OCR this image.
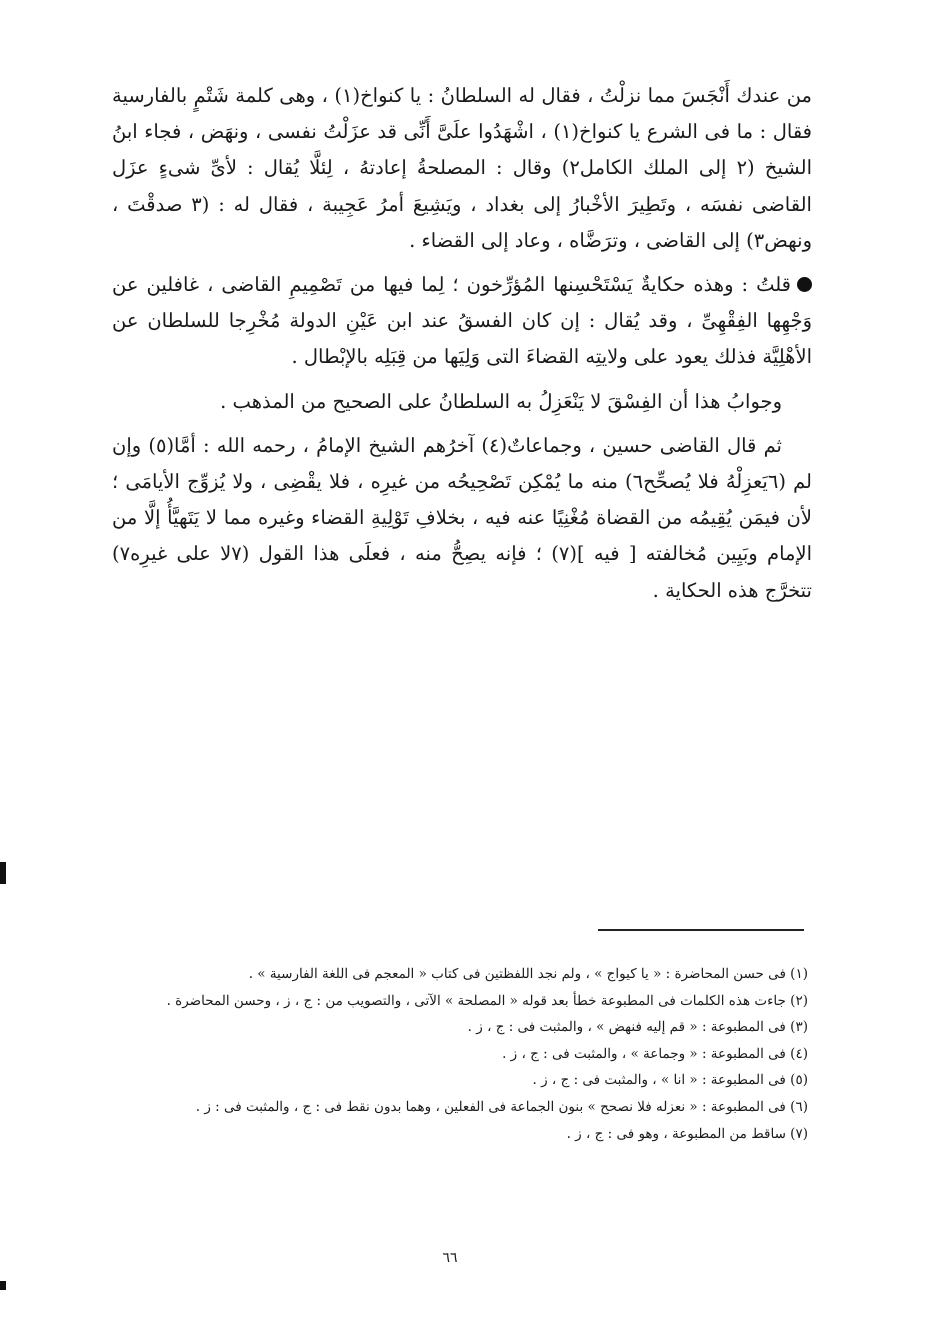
من عندك أَنْجَسَ مما نزلْتُ ، فقال له السلطانُ : يا كنواخ(١) ، وهى كلمة شَتْمٍ بالفارسية فقال : ما فى الشرع يا كنواخ(١) ، اشْهَدُوا علَىَّ أَنِّى قد عزَلْتُ نفسى ، ونهَض ، فجاء ابنُ الشيخ (٢ إلى الملك الكامل٢) وقال : المصلحةُ إعادتهُ ، لِئلَّا يُقال : لأىِّ شىءٍ عزَل القاضى نفسَه ، وتَطِيرَ الأخْبارُ إلى بغداد ، ويَشِيعَ أمرُ عَجِيبة ، فقال له : (٣ صدقْتَ ، ونهض٣) إلى القاضى ، وترَضَّاه ، وعاد إلى القضاء .

قلتُ : وهذه حكايةٌ يَسْتَحْسِنها المُؤرِّخون ؛ لِما فيها من تَصْمِيمِ القاضى ، غافلين عن وَجْهِها الفِقْهِىِّ ، وقد يُقال : إن كان الفسقُ عند ابن عَيْنِ الدولة مُخْرِجا للسلطان عن الأهْلِيَّة فذلك يعود على ولايتِه القضاءَ التى وَلِيَها من قِبَلِه بالإبْطال .

وجوابُ هذا أن الفِسْقَ لا يَنْعَزِلُ به السلطانُ على الصحيح من المذهب .

ثم قال القاضى حسين ، وجماعاتٌ(٤) آخرُهم الشيخ الإمامُ ، رحمه الله : أمَّا(٥) وإن لم (٦يَعزِلْهُ فلا يُصحِّح٦) منه ما يُمْكِن تَصْحِيحُه من غيرِه ، فلا يقْضِى ، ولا يُزوِّج الأيامَى ؛ لأن فيمَن يُقِيمُه من القضاة مُغْنِيًا عنه فيه ، بخلافِ تَوْلِيةِ القضاء وغيره مما لا يَتَهيَّأُ إلَّا من الإمام وبَيِين مُخالفته [ فيه ](٧) ؛ فإنه يصِحُّ منه ، فعلَى هذا القول (٧لا على غيرِه٧) تتخرَّج هذه الحكاية .

(١) فى حسن المحاضرة : « يا كيواج » ، ولم نجد اللفظتين فى كتاب « المعجم فى اللغة الفارسية » .

(٢) جاءت هذه الكلمات فى المطبوعة خطأ بعد قوله « المصلحة » الآتى ، والتصويب من : ج ، ز ، وحسن المحاضرة .

(٣) فى المطبوعة : « قم إليه فنهض » ، والمثبت فى : ج ، ز .

(٤) فى المطبوعة : « وجماعة » ، والمثبت فى : ج ، ز .

(٥) فى المطبوعة : « انا » ، والمثبت فى : ج ، ز .

(٦) فى المطبوعة : « نعزله فلا نصحح » بنون الجماعة فى الفعلين ، وهما بدون نقط فى : ج ، والمثبت فى : ز .

(٧) ساقط من المطبوعة ، وهو فى : ج ، ز .

٦٦
